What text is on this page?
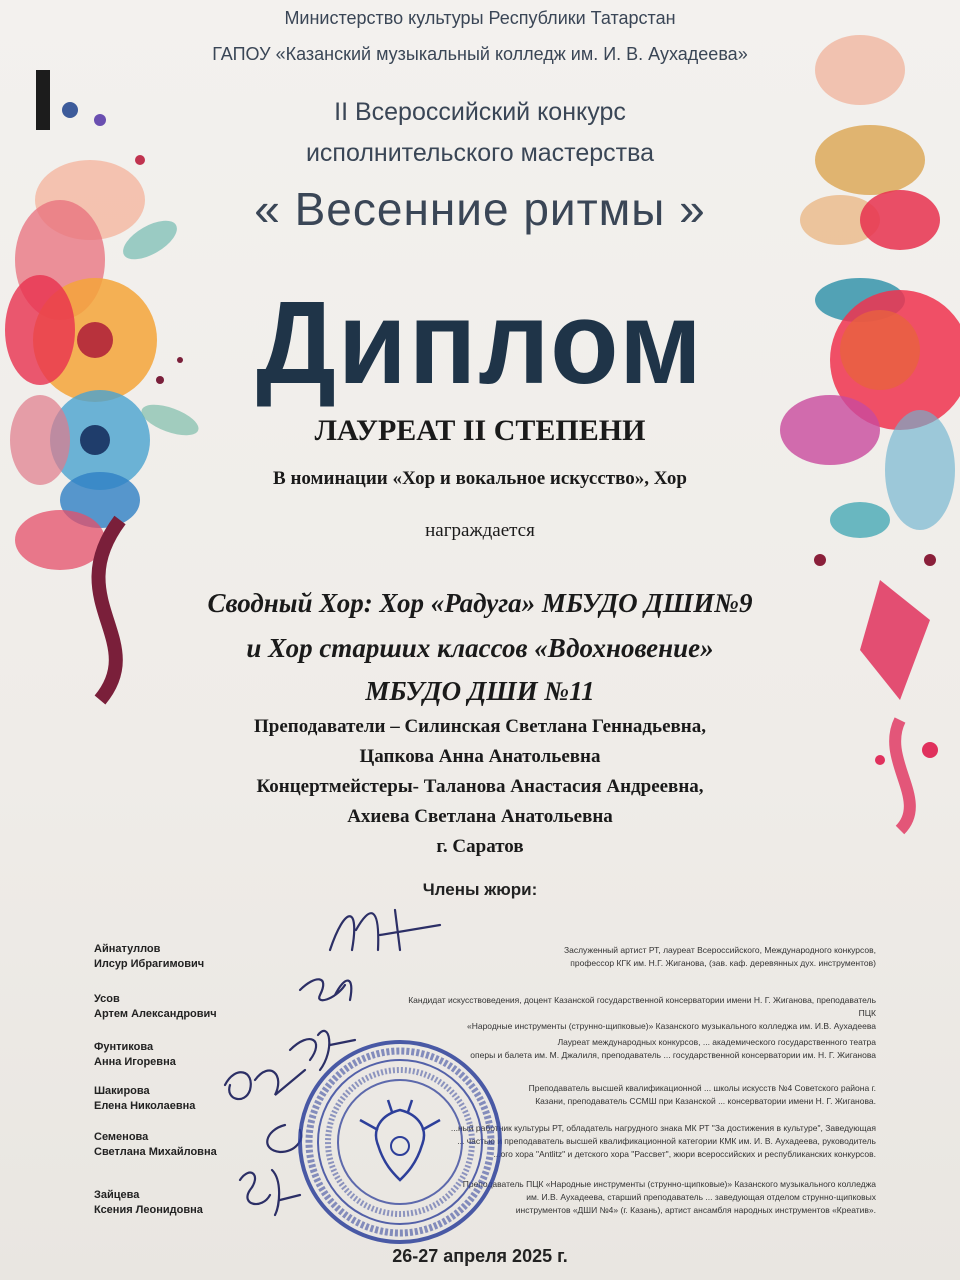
Министерство культуры Республики Татарстан
ГАПОУ «Казанский музыкальный колледж им. И. В. Аухадеева»
II Всероссийский конкурс
исполнительского мастерства
« Весенние ритмы »
Диплом
ЛАУРЕАТ II СТЕПЕНИ
В номинации «Хор и вокальное искусство», Хор
награждается
Сводный Хор: Хор «Радуга» МБУДО ДШИ№9
и Хор старших классов «Вдохновение»
МБУДО ДШИ №11
Преподаватели – Силинская Светлана Геннадьевна,
Цапкова Анна Анатольевна
Концертмейстеры- Таланова Анастасия Андреевна,
Ахиева Светлана Анатольевна
г. Саратов
Члены жюри:
Айнатуллов
Илсур Ибрагимович
Заслуженный артист РТ, лауреат Всероссийского, Международного конкурсов,
профессор КГК им. Н.Г. Жиганова, (зав. каф. деревянных дух. инструментов)
Усов
Артем Александрович
Кандидат искусствоведения, доцент Казанской государственной консерватории имени Н. Г. Жиганова, преподаватель ПЦК
«Народные инструменты (струнно-щипковые)» Казанского музыкального колледжа им. И.В. Аухадеева
Фунтикова
Анна Игоревна
Лауреат международных конкурсов, ... академического государственного театра
оперы и балета им. М. Джалиля, преподаватель ... государственной консерватории им. Н. Г. Жиганова
Шакирова
Елена Николаевна
Преподаватель высшей квалификационной ... школы искусств №4 Советского района г.
Казани, преподаватель ССМШ при Казанской ... консерватории имени Н. Г. Жиганова.
Семенова
Светлана Михайловна
...ный работник культуры РТ, обладатель нагрудного знака МК РТ "За достижения в культуре", Заведующая
... частью и преподаватель высшей квалификационной категории КМК им. И. В. Аухадеева, руководитель
...ого хора "Antlitz" и детского хора "Рассвет", жюри всероссийских и республиканских конкурсов.
Зайцева
Ксения Леонидовна
Преподаватель ПЦК «Народные инструменты (струнно-щипковые)» Казанского музыкального колледжа
им. И.В. Аухадеева, старший преподаватель ... заведующая отделом струнно-щипковых
инструментов «ДШИ №4» (г. Казань), артист ансамбля народных инструментов «Креатив».
26-27 апреля 2025 г.
